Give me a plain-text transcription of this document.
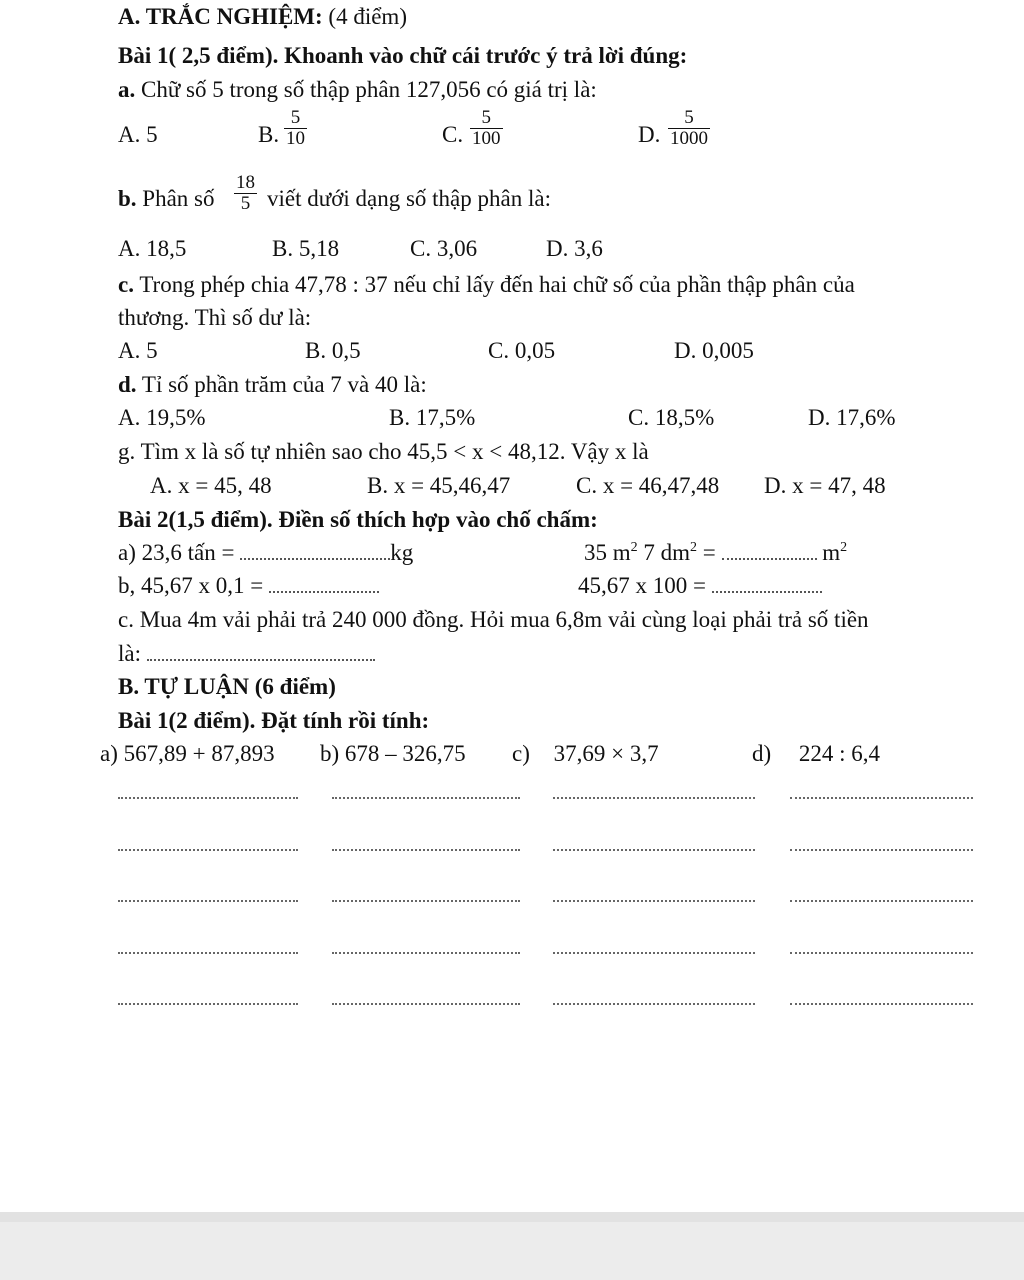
A. TRẮC NGHIỆM: (4 điểm)
Bài 1( 2,5 điểm). Khoanh vào chữ cái trước ý trả lời đúng:
a. Chữ số 5 trong số thập phân 127,056 có giá trị là:
A. 5	B. $\frac{5}{10}$	C. $\frac{5}{100}$	D. $\frac{5}{1000}$
b. Phân số $\frac{18}{5}$ viết dưới dạng số thập phân là:
A. 18,5	B. 5,18	C. 3,06	D. 3,6
c. Trong phép chia 47,78 : 37 nếu chỉ lấy đến hai chữ số của phần thập phân của
thương. Thì số dư là:
A. 5	B. 0,5	C. 0,05	D. 0,005
d. Tỉ số phần trăm của 7 và 40 là:
A. 19,5%	B. 17,5%	C. 18,5%	D. 17,6%
g. Tìm x là số tự nhiên sao cho 45,5 < x < 48,12. Vậy x là
A. x = 45, 48	B. x = 45,46,47	C. x = 46,47,48 D. x = 47, 48
Bài 2(1,5 điểm). Điền số thích hợp vào chố chấm:
a) 23,6 tấn =	kg	35 $m^2$ 7 $dm^2$ =	$m^2$
b, 45,67 x 0,1 =	45,67 x 100 =
c. Mua 4m vải phải trả 240 000 đồng. Hỏi mua 6,8m vải cùng loại phải trả số tiền
là:
B. TỰ LUẬN (6 điểm)
Bài 1(2 điểm). Đặt tính rồi tính:
a) 567,89 + 87,893 b) 678 – 326,75 c) 37,69 × 3,7	d) 224 : 6,4
